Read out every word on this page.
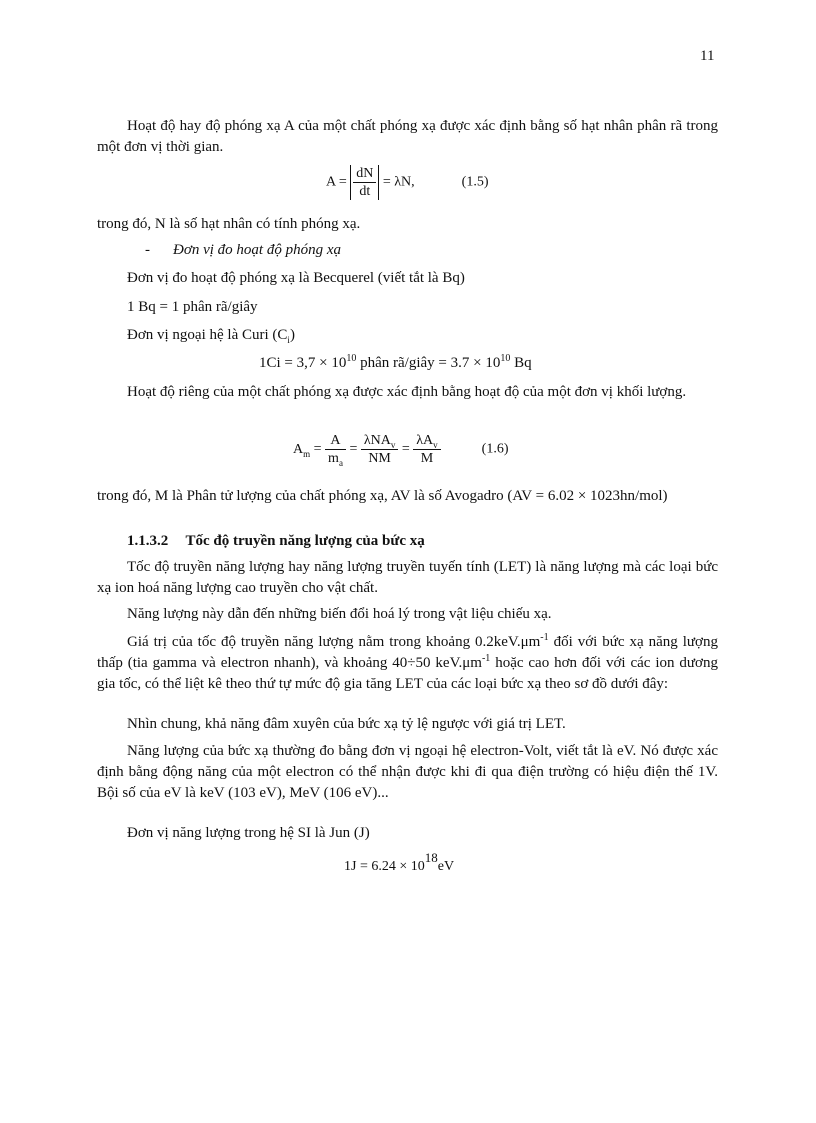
11
Hoạt độ hay độ phóng xạ A của một chất phóng xạ được xác định bằng số hạt nhân phân rã trong một đơn vị thời gian.
$A = \frac{dN}{dt} = \lambda N$,	(1.5)
trong đó, N là số hạt nhân có tính phóng xạ.
- Đơn vị đo hoạt độ phóng xạ
Đơn vị đo hoạt độ phóng xạ là Becquerel (viết tắt là Bq)
1 Bq = 1 phân rã/giây
Đơn vị ngoại hệ là Curi $(C_i)$
$1Ci = 3,7 \times 10^{10}$ phân rã/giây = $3.7 \times 10^{10}$ Bq
Hoạt độ riêng của một chất phóng xạ được xác định bằng hoạt độ của một đơn vị khối lượng.
$A_m = \frac{A}{m_a} = \frac{\lambda NA_v}{NM} = \frac{\lambda A_v}{M}$	(1.6)
trong đó, M là Phân tử lượng của chất phóng xạ, AV là số Avogadro (AV = 6.02 × 1023hn/mol)
1.1.3.2 Tốc độ truyền năng lượng của bức xạ
Tốc độ truyền năng lượng hay năng lượng truyền tuyến tính (LET) là năng lượng mà các loại bức xạ ion hoá năng lượng cao truyền cho vật chất.
Năng lượng này dẫn đến những biến đổi hoá lý trong vật liệu chiếu xạ.
Giá trị của tốc độ truyền năng lượng nằm trong khoảng $0.2keV.\mu m^{-1}$ đối với bức xạ năng lượng thấp (tia gamma và electron nhanh), và khoảng 40÷50 $keV.\mu m^{-1}$ hoặc cao hơn đối với các ion dương gia tốc, có thể liệt kê theo thứ tự mức độ gia tăng LET của các loại bức xạ theo sơ đồ dưới đây:
Nhìn chung, khả năng đâm xuyên của bức xạ tỷ lệ ngược với giá trị LET.
Năng lượng của bức xạ thường đo bằng đơn vị ngoại hệ electron-Volt, viết tắt là eV. Nó được xác định bằng động năng của một electron có thể nhận được khi đi qua điện trường có hiệu điện thế 1V. Bội số của eV là keV (103 eV), MeV (106 eV)...
Đơn vị năng lượng trong hệ SI là Jun (J)
$1J = 6.24 \times 10^{18}eV$
